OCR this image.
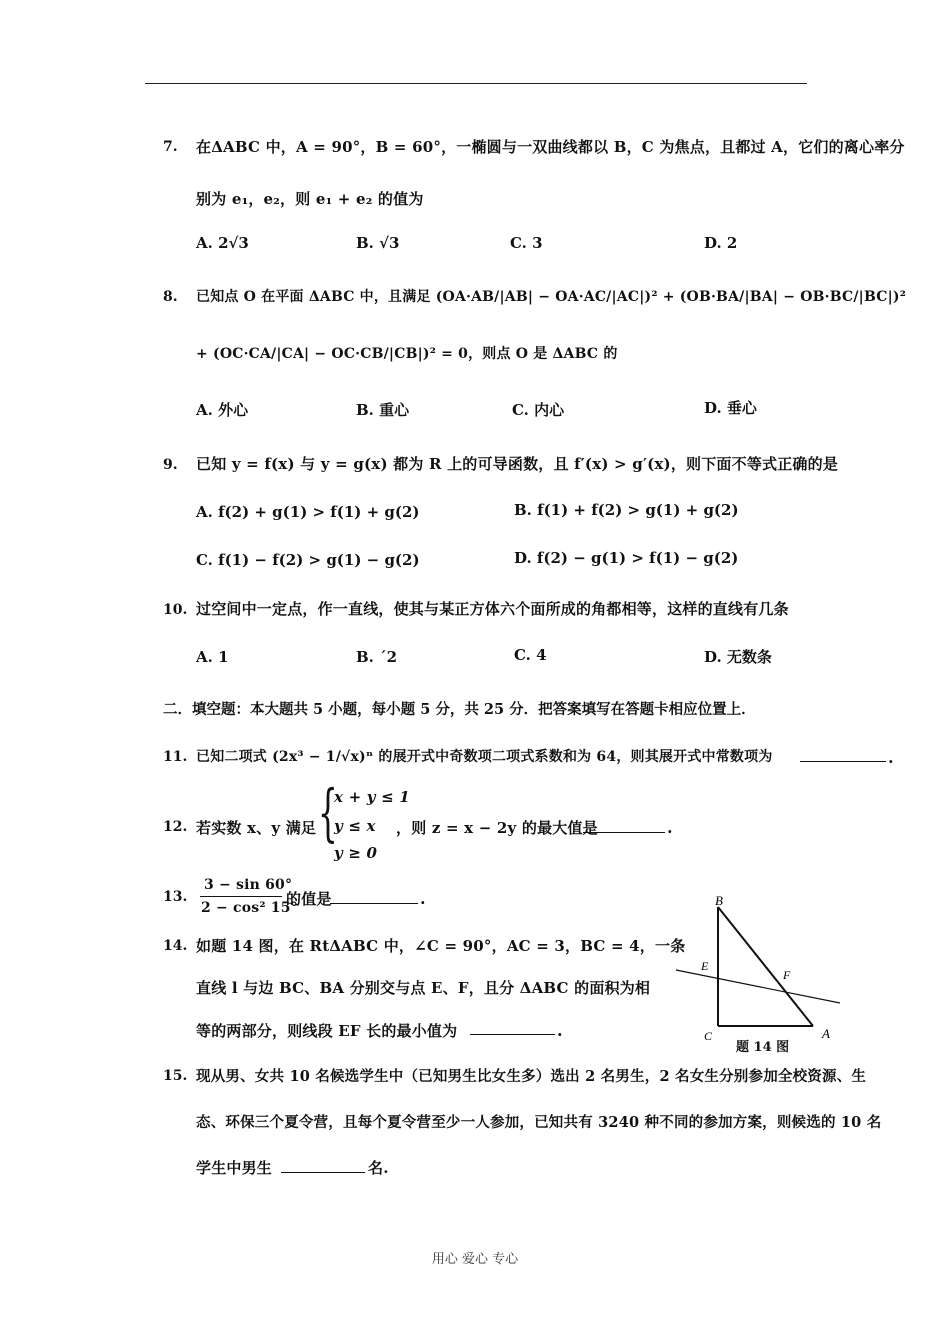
7. 在ΔABC 中，A = 90°，B = 60°，一椭圆与一双曲线都以 B，C 为焦点，且都过 A，它们的离心率分
别为 e₁，e₂，则 e₁ + e₂ 的值为
A. 2√3	B. √3	C. 3	D. 2
8. 已知点 O 在平面 ΔABC 中，且满足 (OA·AB/|AB| − OA·AC/|AC|)² + (OB·BA/|BA| − OB·BC/|BC|)²
+ (OC·CA/|CA| − OC·CB/|CB|)² = 0，则点 O 是 ΔABC 的
A. 外心	B. 重心	C. 内心	D. 垂心
9. 已知 y = f(x) 与 y = g(x) 都为 R 上的可导函数，且 f′(x) > g′(x)，则下面不等式正确的是
A. f(2) + g(1) > f(1) + g(2)	B. f(1) + f(2) > g(1) + g(2)
C. f(1) − f(2) > g(1) − g(2)	D. f(2) − g(1) > f(1) − g(2)
10. 过空间中一定点，作一直线，使其与某正方体六个面所成的角都相等，这样的直线有几条
A. 1	B. ˊ2	C. 4	D. 无数条
二．填空题：本大题共 5 小题，每小题 5 分，共 25 分．把答案填写在答题卡相应位置上．
11. 已知二项式 (2x³ − 1/√x)ⁿ 的展开式中奇数项二项式系数和为 64，则其展开式中常数项为	.
12. 若实数 x、y 满足 {
x + y ≤ 1
y ≤ x
y ≥ 0
，则 z = x − 2y 的最大值是	.
13.
3 − sin 60°
2 − cos² 15°
的值是	.
14. 如题 14 图，在 RtΔABC 中，∠C = 90°，AC = 3，BC = 4，一条
直线 l 与边 BC、BA 分别交与点 E、F，且分 ΔABC 的面积为相
等的两部分，则线段 EF 长的最小值为	.
B
E
F
C	A
题 14 图
15. 现从男、女共 10 名候选学生中（已知男生比女生多）选出 2 名男生，2 名女生分别参加全校资源、生
态、环保三个夏令营，且每个夏令营至少一人参加，已知共有 3240 种不同的参加方案，则候选的 10 名
学生中男生	名.
用心 爱心 专心
